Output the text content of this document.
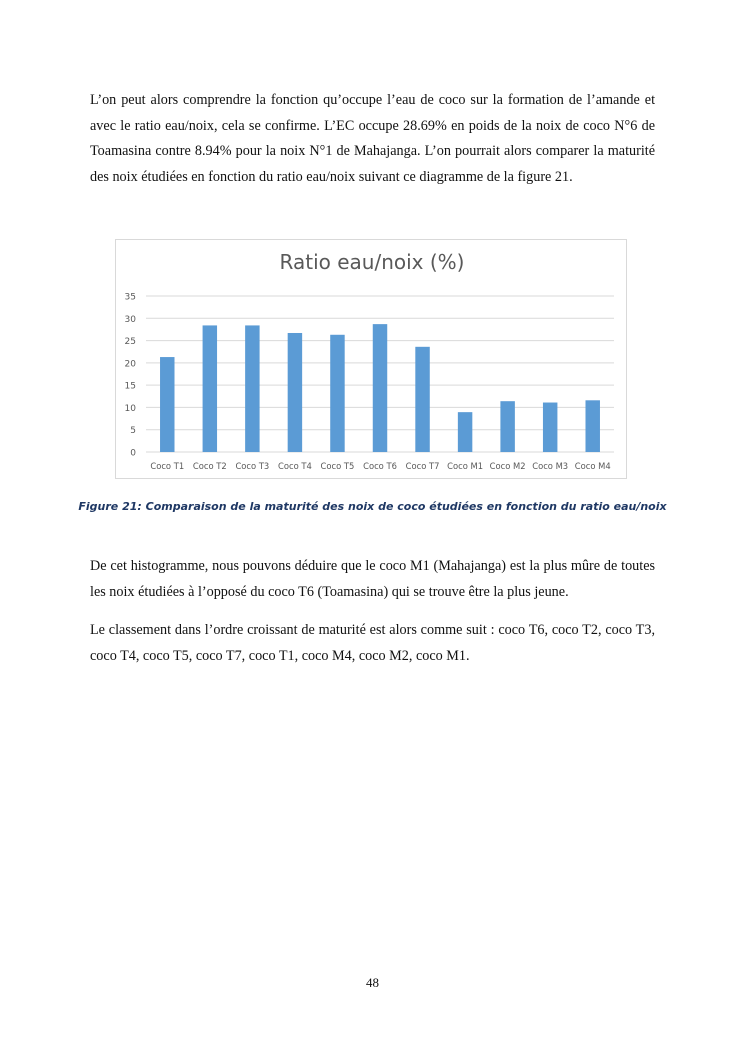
L’on peut alors comprendre la fonction qu’occupe l’eau de coco sur la formation de l’amande et avec le ratio eau/noix, cela se confirme. L’EC occupe 28.69% en poids de la noix de coco N°6 de Toamasina contre 8.94% pour la noix N°1 de Mahajanga. L’on pourrait alors comparer la maturité des noix étudiées en fonction du ratio eau/noix suivant ce diagramme de la figure 21.
Ratio eau/noix (%)
0
5
10
15
20
25
30
35
Coco T1 Coco T2 Coco T3 Coco T4 Coco T5 Coco T6 Coco T7 Coco M1 Coco M2 Coco M3 Coco M4
Figure 21: Comparaison de la maturité des noix de coco étudiées en fonction du ratio eau/noix
De cet histogramme, nous pouvons déduire que le coco M1 (Mahajanga) est la plus mûre de toutes les noix étudiées à l’opposé du coco T6 (Toamasina) qui se trouve être la plus jeune.
Le classement dans l’ordre croissant de maturité est alors comme suit : coco T6, coco T2, coco T3, coco T4, coco T5, coco T7, coco T1, coco M4, coco M2, coco M1.
48
